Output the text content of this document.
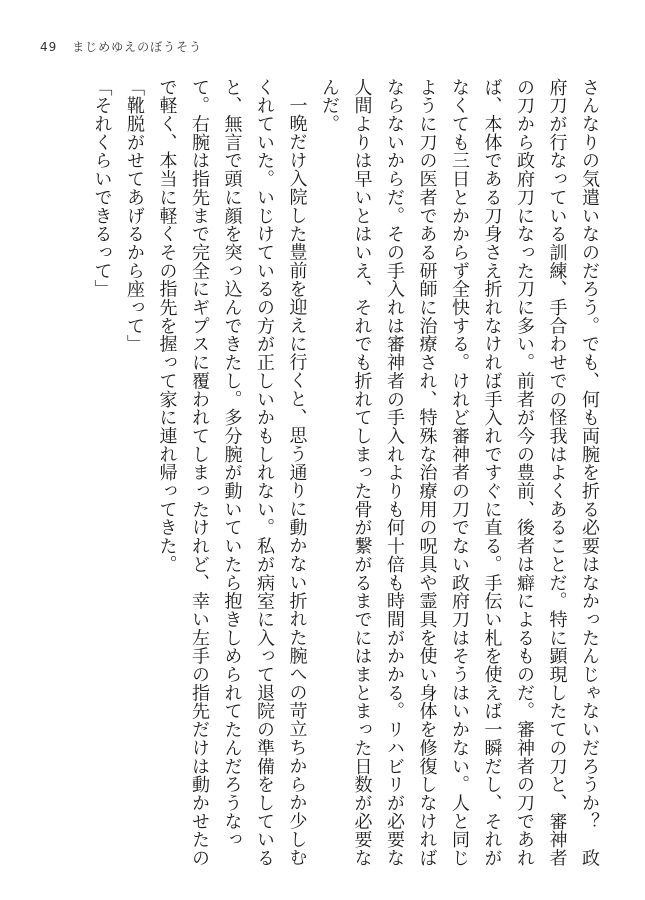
49 まじめゆえのぼうそう

さんなりの気遣いなのだろう。でも、何も両腕を折る必要はなかったんじゃないだろうか？　政府刀が行なっている訓練、手合わせでの怪我はよくあることだ。特に顕現したての刀と、審神者の刀から政府刀になった刀に多い。前者が今の豊前、後者は癖によるものだ。審神者の刀であれば、本体である刀身さえ折れなければ手入れですぐに直る。手伝い札を使えば一瞬だし、それがなくても三日とかからず全快する。けれど審神者の刀でない政府刀はそうはいかない。人と同じように刀の医者である研師に治療され、特殊な治療用の呪具や霊具を使い身体を修復しなければならないからだ。その手入れは審神者の手入れよりも何十倍も時間がかかる。リハビリが必要な人間よりは早いとはいえ、それでも折れてしまった骨が繋がるまでにはまとまった日数が必要なんだ。

一晩だけ入院した豊前を迎えに行くと、思う通りに動かない折れた腕への苛立ちからか少しむくれていた。いじけているの方が正しいかもしれない。私が病室に入って退院の準備をしていると、無言で頭に顔を突っ込んできたし。多分腕が動いていたら抱きしめられてたんだろうなって。右腕は指先まで完全にギプスに覆われてしまったけれど、幸い左手の指先だけは動かせたので軽く、本当に軽くその指先を握って家に連れ帰ってきた。

「靴脱がせてあげるから座って」

「それくらいできるって」
